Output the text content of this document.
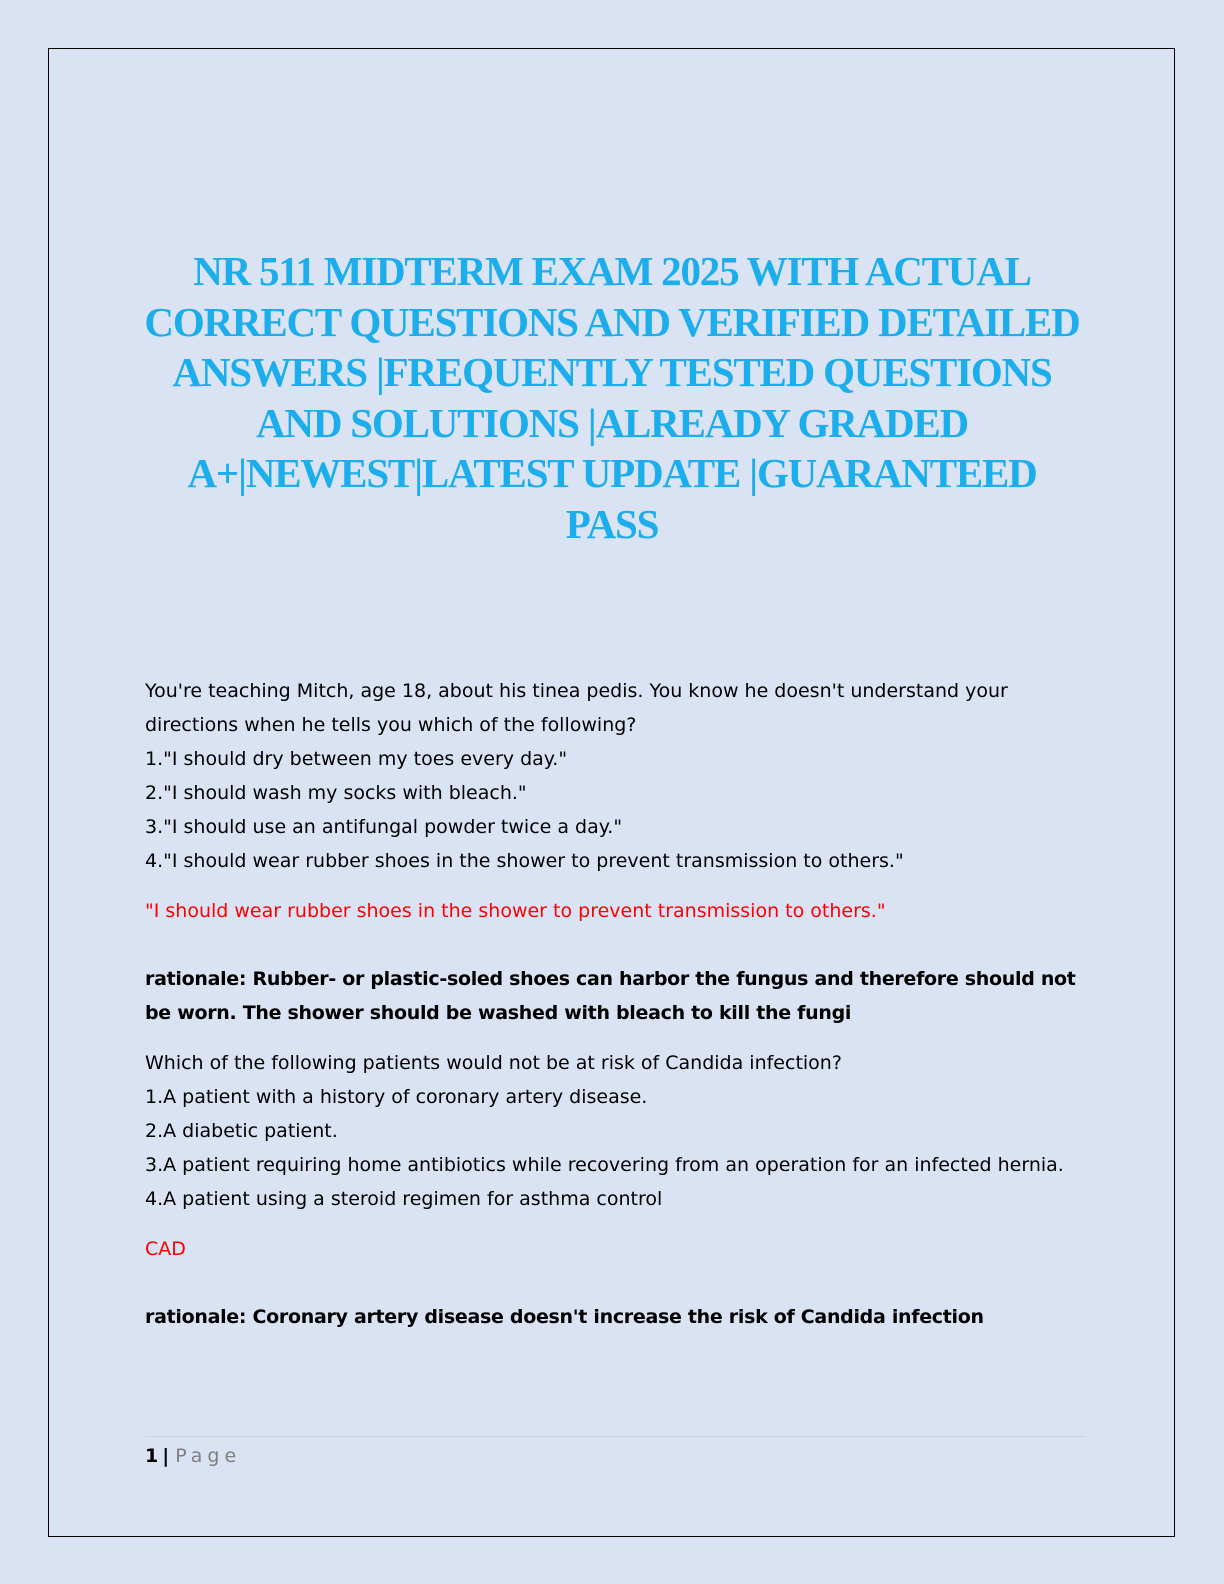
NR 511 MIDTERM EXAM 2025 WITH ACTUAL CORRECT QUESTIONS AND VERIFIED DETAILED ANSWERS |FREQUENTLY TESTED QUESTIONS AND SOLUTIONS |ALREADY GRADED A+|NEWEST|LATEST UPDATE |GUARANTEED PASS
You're teaching Mitch, age 18, about his tinea pedis. You know he doesn't understand your directions when he tells you which of the following?
1."I should dry between my toes every day."
2."I should wash my socks with bleach."
3."I should use an antifungal powder twice a day."
4."I should wear rubber shoes in the shower to prevent transmission to others."
"I should wear rubber shoes in the shower to prevent transmission to others."
rationale: Rubber- or plastic-soled shoes can harbor the fungus and therefore should not be worn. The shower should be washed with bleach to kill the fungi
Which of the following patients would not be at risk of Candida infection?
1.A patient with a history of coronary artery disease.
2.A diabetic patient.
3.A patient requiring home antibiotics while recovering from an operation for an infected hernia.
4.A patient using a steroid regimen for asthma control
CAD
rationale: Coronary artery disease doesn't increase the risk of Candida infection
1 | Page
